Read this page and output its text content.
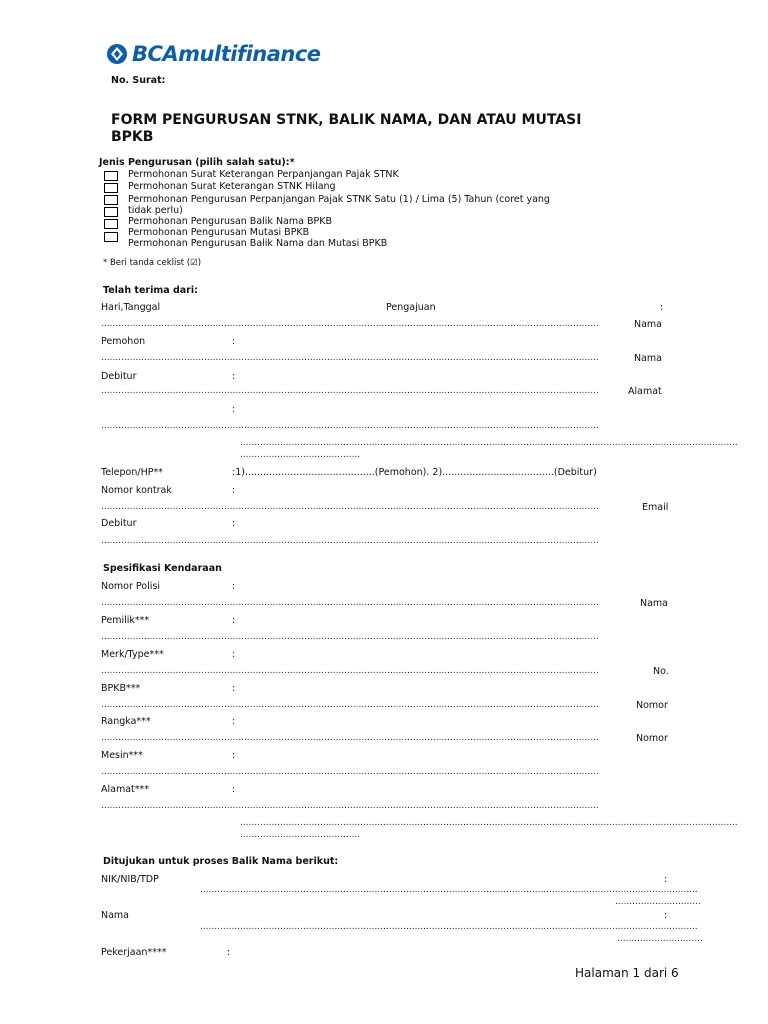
BCAmultifinance
No. Surat:
FORM PENGURUSAN STNK, BALIK NAMA, DAN ATAU MUTASI
BPKB
Jenis Pengurusan (pilih salah satu):*
Permohonan Surat Keterangan Perpanjangan Pajak STNK
Permohonan Surat Keterangan STNK Hilang
Permohonan Pengurusan Perpanjangan Pajak STNK Satu (1) / Lima (5) Tahun (coret yang
tidak perlu)
Permohonan Pengurusan Balik Nama BPKB
Permohonan Pengurusan Mutasi BPKB
Permohonan Pengurusan Balik Nama dan Mutasi BPKB
* Beri tanda ceklist (☑)
Telah terima dari:
Hari,Tanggal	Pengajuan	:
..............................................................................................................................................................................	Nama
Pemohon	:
..............................................................................................................................................................................	Nama
Debitur	:
..............................................................................................................................................................................	Alamat
:
..............................................................................................................................................................................
..............................................................................................................................................................................
..........................................
Telepon/HP**	:1)...........................................(Pemohon). 2).....................................(Debitur)
Nomor kontrak	:
..............................................................................................................................................................................	Email
Debitur	:
..............................................................................................................................................................................
Spesifikasi Kendaraan
Nomor Polisi	:
..............................................................................................................................................................................	Nama
Pemilik***	:
..............................................................................................................................................................................
Merk/Type***	:
..............................................................................................................................................................................	No.
BPKB***	:
..............................................................................................................................................................................	Nomor
Rangka***	:
..............................................................................................................................................................................	Nomor
Mesin***	:
..............................................................................................................................................................................
Alamat***	:
..............................................................................................................................................................................
..............................................................................................................................................................................
..........................................
Ditujukan untuk proses Balik Nama berikut:
NIK/NIB/TDP	:
..............................................................................................................................................................................
..............................
Nama	:
..............................................................................................................................................................................
..............................
Pekerjaan****	:
Halaman 1 dari 6
